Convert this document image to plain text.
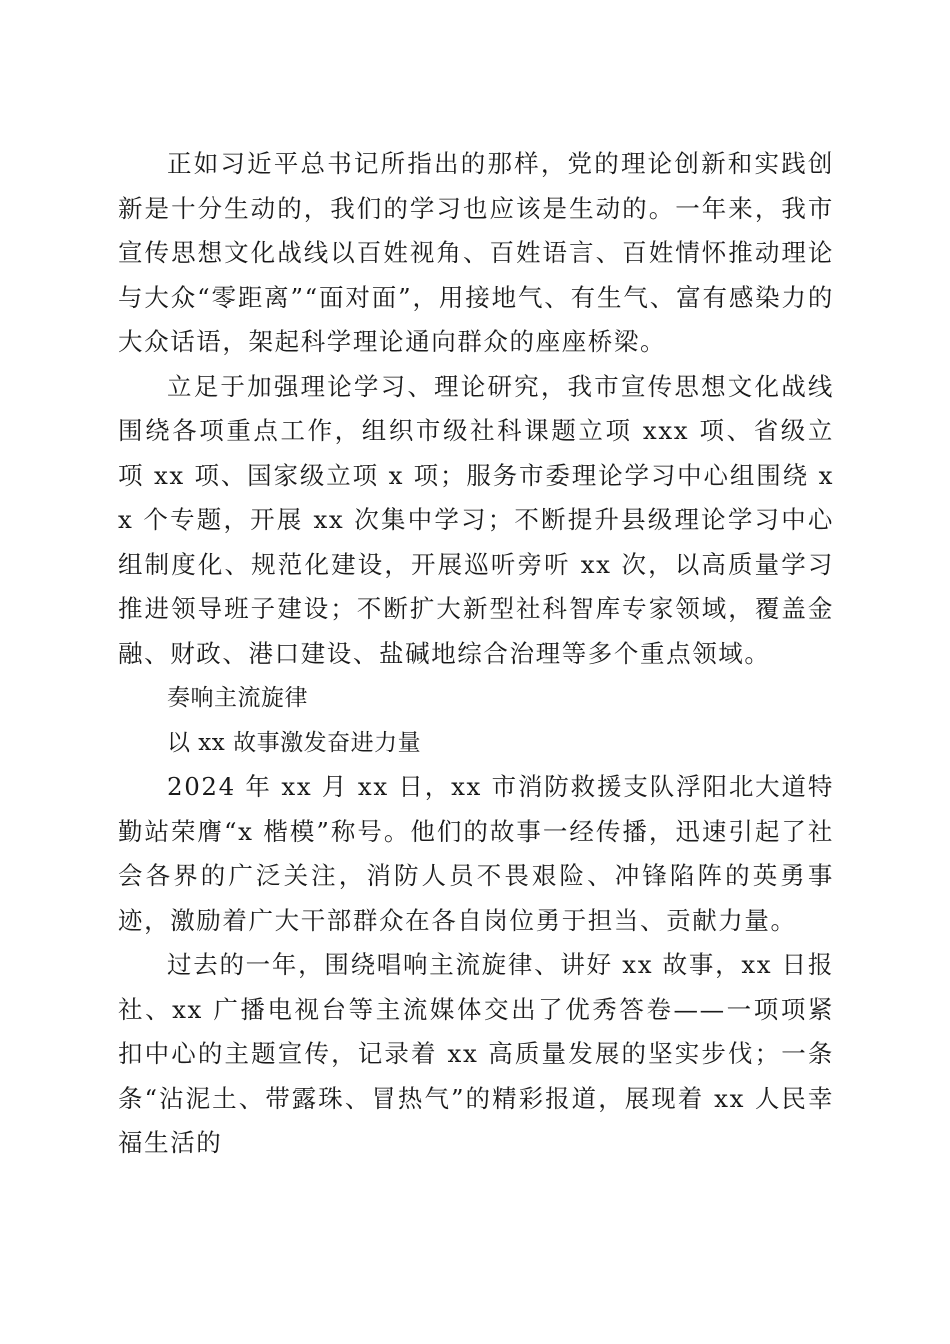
正如习近平总书记所指出的那样，党的理论创新和实践创新是十分生动的，我们的学习也应该是生动的。一年来，我市宣传思想文化战线以百姓视角、百姓语言、百姓情怀推动理论与大众“零距离”“面对面”，用接地气、有生气、富有感染力的大众话语，架起科学理论通向群众的座座桥梁。

立足于加强理论学习、理论研究，我市宣传思想文化战线围绕各项重点工作，组织市级社科课题立项 xxx 项、省级立项 xx 项、国家级立项 x 项；服务市委理论学习中心组围绕 xx 个专题，开展 xx 次集中学习；不断提升县级理论学习中心组制度化、规范化建设，开展巡听旁听 xx 次，以高质量学习推进领导班子建设；不断扩大新型社科智库专家领域，覆盖金融、财政、港口建设、盐碱地综合治理等多个重点领域。

奏响主流旋律

以 xx 故事激发奋进力量

2024 年 xx 月 xx 日，xx 市消防救援支队浮阳北大道特勤站荣膺“x 楷模”称号。他们的故事一经传播，迅速引起了社会各界的广泛关注，消防人员不畏艰险、冲锋陷阵的英勇事迹，激励着广大干部群众在各自岗位勇于担当、贡献力量。

过去的一年，围绕唱响主流旋律、讲好 xx 故事，xx 日报社、xx 广播电视台等主流媒体交出了优秀答卷——一项项紧扣中心的主题宣传，记录着 xx 高质量发展的坚实步伐；一条条“沾泥土、带露珠、冒热气”的精彩报道，展现着 xx 人民幸福生活的
